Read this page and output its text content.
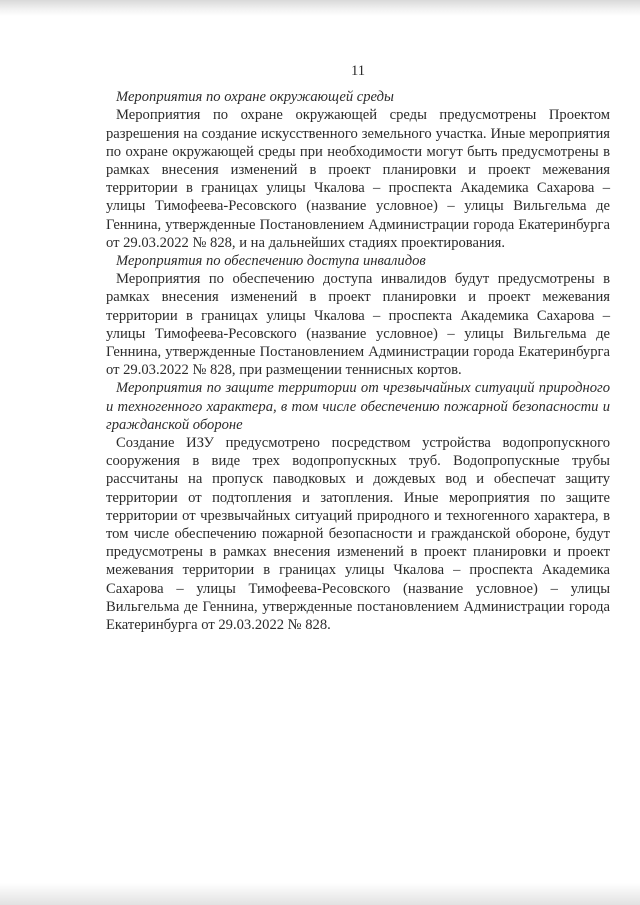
11

Мероприятия по охране окружающей среды

Мероприятия по охране окружающей среды предусмотрены Проектом разрешения на создание искусственного земельного участка. Иные мероприятия по охране окружающей среды при необходимости могут быть предусмотрены в рамках внесения изменений в проект планировки и проект межевания территории в границах улицы Чкалова – проспекта Академика Сахарова – улицы Тимофеева-Ресовского (название условное) – улицы Вильгельма де Геннина, утвержденные Постановлением Администрации города Екатеринбурга от 29.03.2022 № 828, и на дальнейших стадиях проектирования.

Мероприятия по обеспечению доступа инвалидов

Мероприятия по обеспечению доступа инвалидов будут предусмотрены в рамках внесения изменений в проект планировки и проект межевания территории в границах улицы Чкалова – проспекта Академика Сахарова – улицы Тимофеева-Ресовского (название условное) – улицы Вильгельма де Геннина, утвержденные Постановлением Администрации города Екатеринбурга от 29.03.2022 № 828, при размещении теннисных кортов.

Мероприятия по защите территории от чрезвычайных ситуаций природного и техногенного характера, в том числе обеспечению пожарной безопасности и гражданской обороне

Создание ИЗУ предусмотрено посредством устройства водопропускного сооружения в виде трех водопропускных труб. Водопропускные трубы рассчитаны на пропуск паводковых и дождевых вод и обеспечат защиту территории от подтопления и затопления. Иные мероприятия по защите территории от чрезвычайных ситуаций природного и техногенного характера, в том числе обеспечению пожарной безопасности и гражданской обороне, будут предусмотрены в рамках внесения изменений в проект планировки и проект межевания территории в границах улицы Чкалова – проспекта Академика Сахарова – улицы Тимофеева-Ресовского (название условное) – улицы Вильгельма де Геннина, утвержденные постановлением Администрации города Екатеринбурга от 29.03.2022 № 828.
